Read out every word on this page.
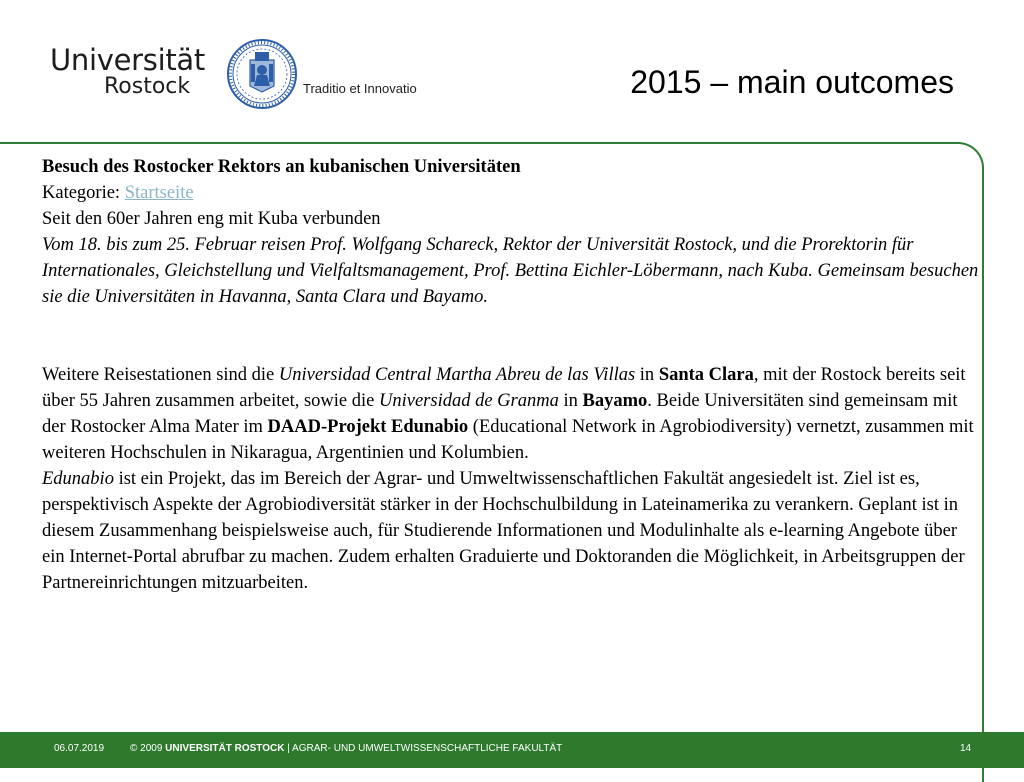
Universität
Rostock	Traditio et Innovatio	2015 – main outcomes

Besuch des Rostocker Rektors an kubanischen Universitäten

Kategorie: Startseite

Seit den 60er Jahren eng mit Kuba verbunden

Vom 18. bis zum 25. Februar reisen Prof. Wolfgang Schareck, Rektor der Universität Rostock, und die Prorektorin für Internationales, Gleichstellung und Vielfaltsmanagement, Prof. Bettina Eichler-Löbermann, nach Kuba. Gemeinsam besuchen sie die Universitäten in Havanna, Santa Clara und Bayamo.

Weitere Reisestationen sind die Universidad Central Martha Abreu de las Villas in Santa Clara, mit der Rostock bereits seit über 55 Jahren zusammen arbeitet, sowie die Universidad de Granma in Bayamo. Beide Universitäten sind gemeinsam mit der Rostocker Alma Mater im DAAD-Projekt Edunabio (Educational Network in Agrobiodiversity) vernetzt, zusammen mit weiteren Hochschulen in Nikaragua, Argentinien und Kolumbien.

Edunabio ist ein Projekt, das im Bereich der Agrar- und Umweltwissenschaftlichen Fakultät angesiedelt ist. Ziel ist es, perspektivisch Aspekte der Agrobiodiversität stärker in der Hochschulbildung in Lateinamerika zu verankern. Geplant ist in diesem Zusammenhang beispielsweise auch, für Studierende Informationen und Modulinhalte als e-learning Angebote über ein Internet-Portal abrufbar zu machen. Zudem erhalten Graduierte und Doktoranden die Möglichkeit, in Arbeitsgruppen der Partnereinrichtungen mitzuarbeiten.

06.07.2019	© 2009 UNIVERSITÄT ROSTOCK | AGRAR- UND UMWELTWISSENSCHAFTLICHE FAKULTÄT	14
